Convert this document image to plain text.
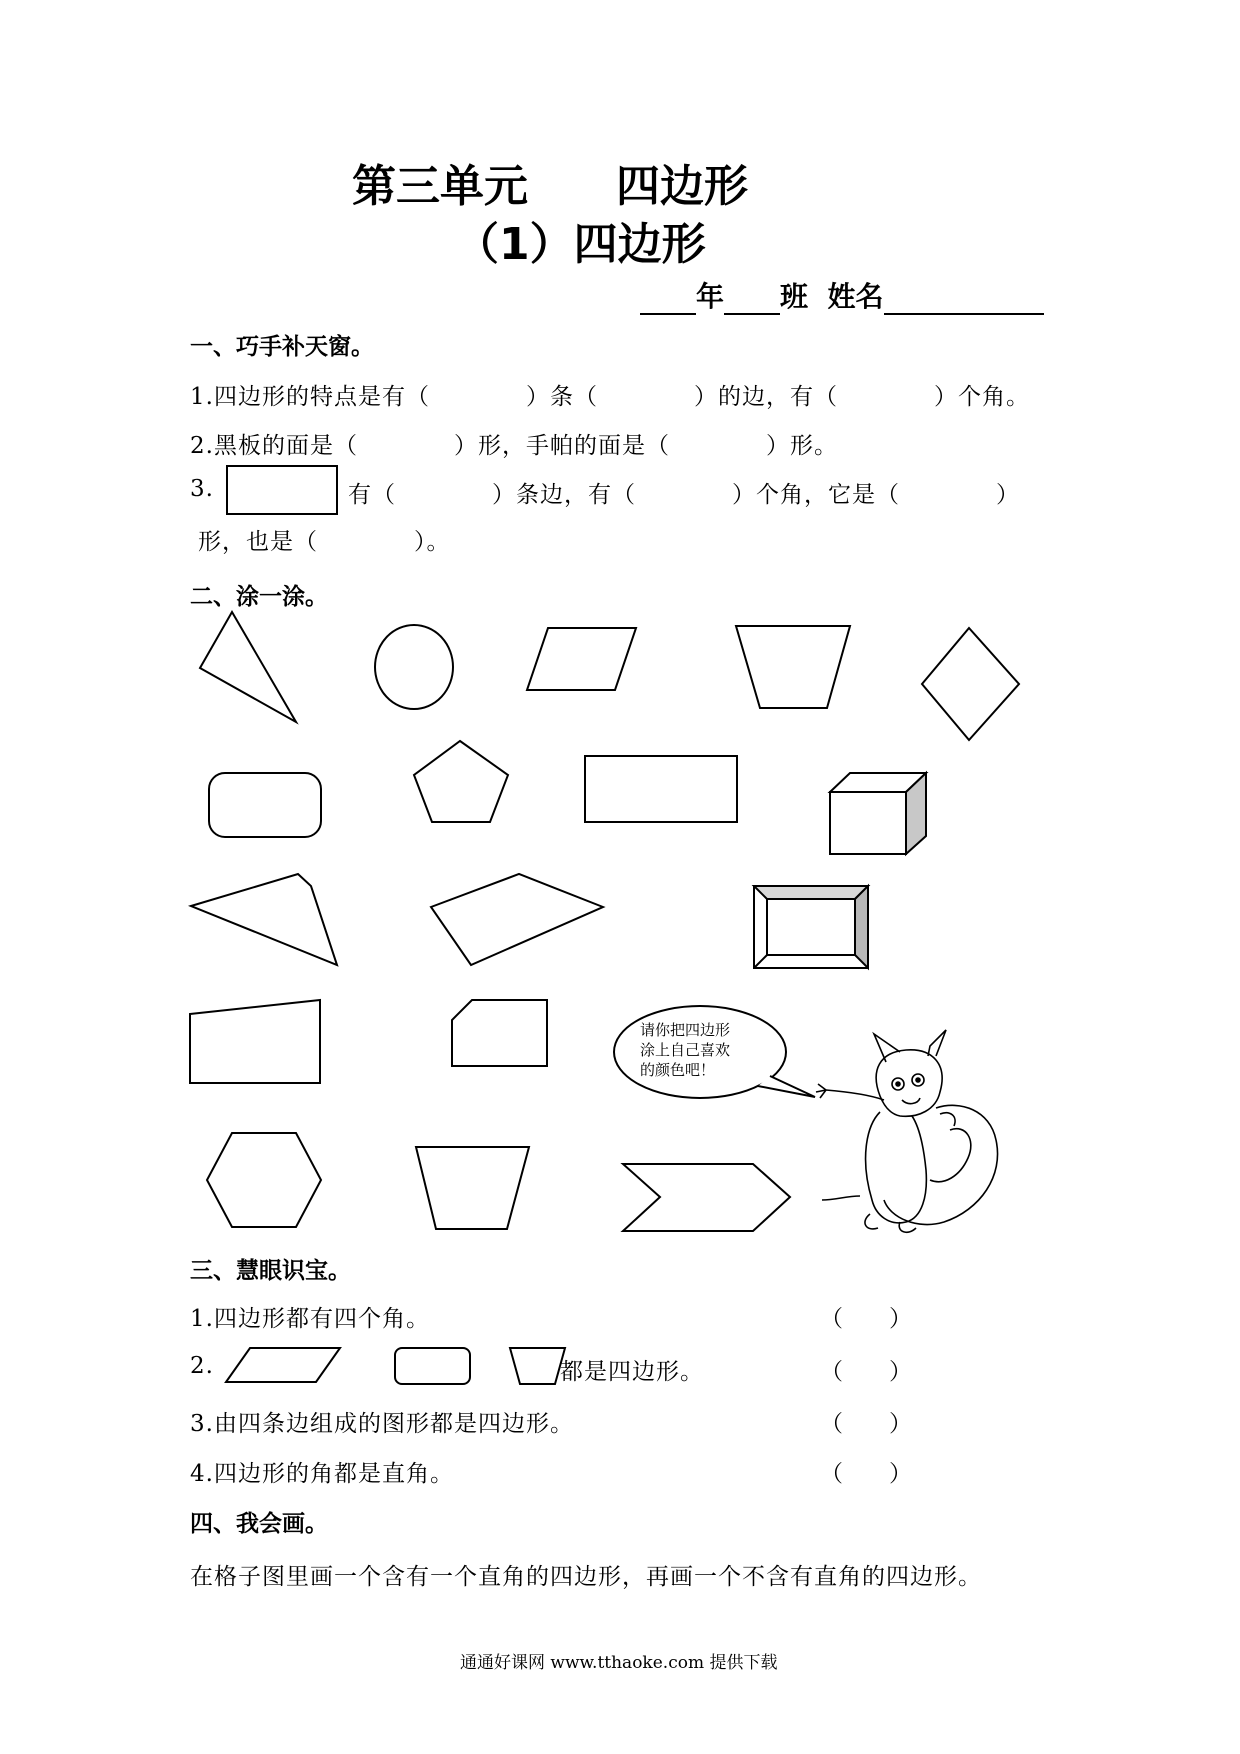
第三单元　　四边形
（1）四边形
年 班 姓名
一、巧手补天窗。
1.四边形的特点是有（　　　　）条（　　　　）的边，有（　　　　）个角。
2.黑板的面是（　　　　）形，手帕的面是（　　　　）形。
3.	有（　　　　）条边，有（　　　　）个角，它是（　　　　）
形，也是（　　　　）。
二、涂一涂。
请你把四边形
涂上自己喜欢
的颜色吧！
三、慧眼识宝。
1.四边形都有四个角。	（　　）
2.	都是四边形。	（　　）
3.由四条边组成的图形都是四边形。	（　　）
4.四边形的角都是直角。	（　　）
四、我会画。
在格子图里画一个含有一个直角的四边形，再画一个不含有直角的四边形。
通通好课网 www.tthaoke.com 提供下载
